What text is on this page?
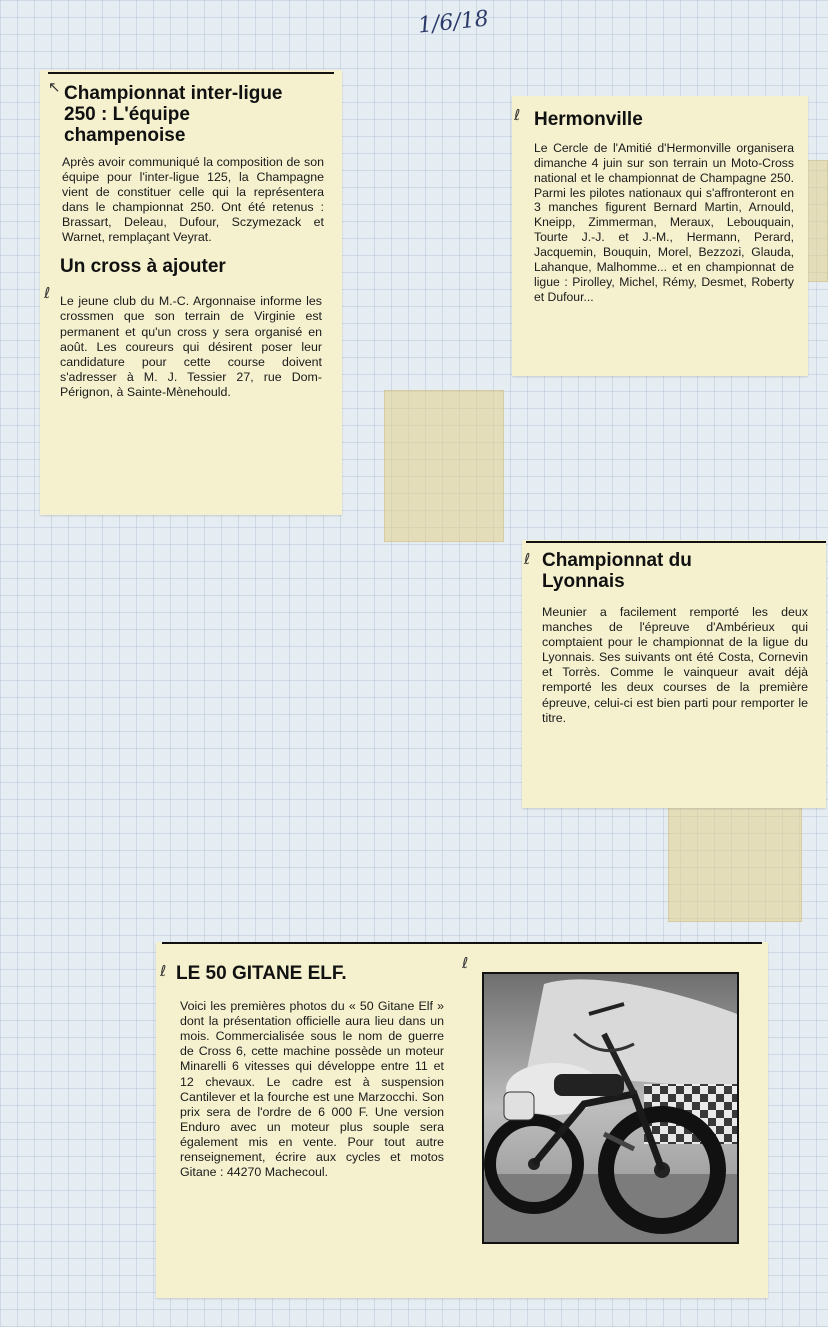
1/6/18
↖ Championnat inter-ligue 250 : L'équipe champenoise

Après avoir communiqué la composition de son équipe pour l'inter-ligue 125, la Champagne vient de constituer celle qui la représentera dans le championnat 250. Ont été retenus : Brassart, Deleau, Dufour, Sczymezack et Warnet, remplaçant Veyrat.

ℓ
Un cross à ajouter

Le jeune club du M.-C. Argonnaise informe les crossmen que son terrain de Virginie est permanent et qu'un cross y sera organisé en août. Les coureurs qui désirent poser leur candidature pour cette course doivent s'adresser à M. J. Tessier 27, rue Dom-Pérignon, à Sainte-Mènehould.

ℓ Hermonville

Le Cercle de l'Amitié d'Hermonville organisera dimanche 4 juin sur son terrain un Moto-Cross national et le championnat de Champagne 250. Parmi les pilotes nationaux qui s'affronteront en 3 manches figurent Bernard Martin, Arnould, Kneipp, Zimmerman, Meraux, Lebouquain, Tourte J.-J. et J.-M., Hermann, Perard, Jacquemin, Bouquin, Morel, Bezzozi, Glauda, Lahanque, Malhomme... et en championnat de ligue : Pirolley, Michel, Rémy, Desmet, Roberty et Dufour...

ℓ Championnat du Lyonnais

Meunier a facilement remporté les deux manches de l'épreuve d'Ambérieux qui comptaient pour le championnat de la ligue du Lyonnais. Ses suivants ont été Costa, Cornevin et Torrès. Comme le vainqueur avait déjà remporté les deux courses de la première épreuve, celui-ci est bien parti pour remporter le titre.

ℓ	ℓ
LE 50 GITANE ELF.

Voici les premières photos du « 50 Gitane Elf » dont la présentation officielle aura lieu dans un mois. Commercialisée sous le nom de guerre de Cross 6, cette machine possède un moteur Minarelli 6 vitesses qui développe entre 11 et 12 chevaux. Le cadre est à suspension Cantilever et la fourche est une Marzocchi. Son prix sera de l'ordre de 6 000 F. Une version Enduro avec un moteur plus souple sera également mis en vente. Pour tout autre renseignement, écrire aux cycles et motos Gitane : 44270 Machecoul.
